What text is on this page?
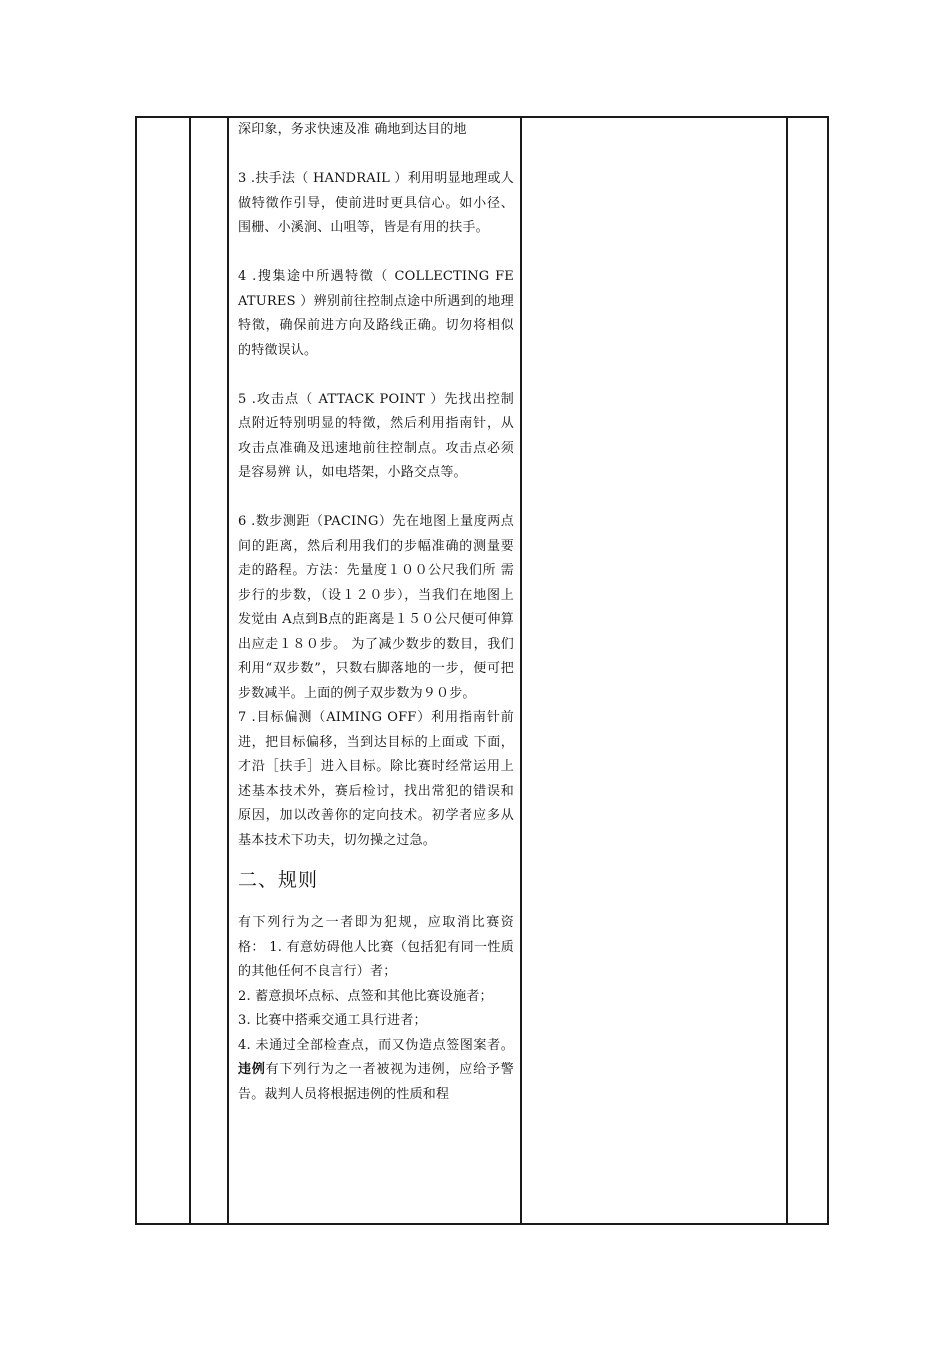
深印象，务求快速及准 确地到达目的地

3 .扶手法（ HANDRAIL ）利用明显地理或人做特徵作引导，使前进时更具信心。如小径、围栅、小溪涧、山咀等，皆是有用的扶手。

4 .搜集途中所遇特徵（ COLLECTING FE ATURES ）辨别前往控制点途中所遇到的地理特徵，确保前进方向及路线正确。切勿将相似的特徵误认。

5 .攻击点（ ATTACK POINT ）先找出控制点附近特别明显的特徵，然后利用指南针，从攻击点准确及迅速地前往控制点。攻击点必须是容易辨 认，如电塔架，小路交点等。

6 .数步测距（PACING）先在地图上量度两点间的距离，然后利用我们的步幅准确的测量要走的路程。方法：先量度１００公尺我们所 需步行的步数，（设１２０步），当我们在地图上发觉由 A点到B点的距离是１５０公尺便可伸算出应走１８０步。 为了减少数步的数目，我们利用“双步数”，只数右脚落地的一步，便可把步数减半。上面的例子双步数为９０步。

7 .目标偏测（AIMING OFF）利用指南针前进，把目标偏移，当到达目标的上面或 下面，才沿［扶手］进入目标。除比赛时经常运用上述基本技术外，赛后检讨，找出常犯的错误和原因，加以改善你的定向技术。初学者应多从基本技术下功夫，切勿操之过急。

二、规则

有下列行为之一者即为犯规，应取消比赛资格： 1. 有意妨碍他人比赛（包括犯有同一性质的其他任何不良言行）者；

2. 蓄意损坏点标、点签和其他比赛设施者；

3. 比赛中搭乘交通工具行进者；

4. 未通过全部检查点，而又伪造点签图案者。违例有下列行为之一者被视为违例，应给予警告。裁判人员将根据违例的性质和程
